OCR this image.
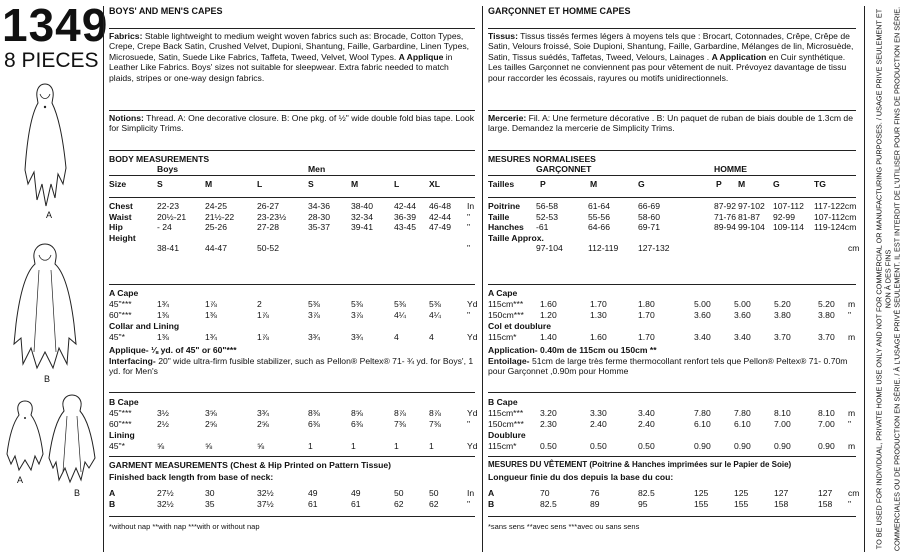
1349
8 PIECES
A
B
A
B
BOYS' AND MEN'S CAPES
Fabrics: Stable lightweight to medium weight woven fabrics such as: Brocade, Cotton Types, Crepe, Crepe Back Satin, Crushed Velvet, Dupioni, Shantung, Faille, Garbardine, Linen Types, Microsuede, Satin, Suede Like Fabrics, Taffeta, Tweed, Velvet, Wool Types. A Applique in Leather Like Fabrics. Boys' sizes not suitable for sleepwear. Extra fabric needed to match plaids, stripes or one-way design fabrics.
Notions: Thread. A: One decorative closure. B: One pkg. of ½" wide double fold bias tape. Look for Simplicity Trims.
BODY MEASUREMENTS
Boys	Men
Size	S	M	L	S	M	L	XL
Chest	22-23	24-25	26-27	34-36 38-40 42-44 46-48 In
Waist	20½-21 21½-22	23-23½	28-30 32-34 36-39 42-44 "
Hip	- 24	25-26	27-28	35-37 39-41 43-45 47-49 "
Height
38-41	44-47	50-52	"
A Cape
45"***	1¾	1⅞	2	5⅜	5⅜	5⅜	5⅜	Yd
60"***	1⅜	1⅜	1⅞	3⅞	3⅞	4¼	4¼	"
Collar and Lining
45"*	1⅜	1¾	1⅞	3¾	3¾	4	4	Yd
Applique- ⅛ yd. of 45" or 60"***
Interfacing- 20" wide ultra-firm fusible stabilizer, such as Pellon® Peltex® 71- ¾ yd. for Boys', 1 yd. for Men's
B Cape
45"***	3½	3⅝	3¾	8⅜	8⅝	8⅞	8⅞	Yd
60"***	2½	2⅝	2⅝	6⅜	6⅜	7⅜	7⅜	"
Lining
45"*	⅝	⅝	⅝	1	1	1	1	Yd
GARMENT MEASUREMENTS (Chest & Hip Printed on Pattern Tissue)
Finished back length from base of neck:
A	27½	30	32½	49	49	50	50	In
B	32½	35	37½	61	61	62	62	"
*without nap **with nap ***with or without nap
GARÇONNET ET HOMME CAPES
Tissus: Tissus tissés fermes légers à moyens tels que : Brocart, Cotonnades, Crêpe, Crêpe de Satin, Velours froissé, Soie Dupioni, Shantung, Faille, Garbardine, Mélanges de lin, Microsuède, Satin, Tissus suédés, Taffetas, Tweed, Velours, Lainages . A Application en Cuir synthétique. Les tailles Garçonnet ne conviennent pas pour vêtement de nuit. Prévoyez davantage de tissu pour raccorder les écossais, rayures ou motifs unidirectionnels.
Mercerie: Fil. A: Une fermeture décorative . B: Un paquet de ruban de biais double de 1.3cm de large. Demandez la mercerie de Simplicity Trims.
MESURES NORMALISEES
GARÇONNET	HOMME
Tailles	P	M	G	P M	G	TG
Poitrine 56-58	61-64	66-69	87-92 97-102 107-112 117-122cm
Taille	52-53	55-56	58-60	71-76 81-87 92-99 107-112cm
Hanches -61	64-66	69-71	89-94 99-104 109-114 119-124cm
Taille Approx.
97-104	112-119 127-132	cm
A Cape
115cm*** 1.60	1.70	1.80	5.00	5.00	5.20	5.20 m
150cm*** 1.20	1.30	1.70	3.60	3.60	3.80	3.80 "
Col et doublure
115cm*	1.40	1.60	1.70	3.40	3.40	3.70	3.70 m
Application- 0.40m de 115cm ou 150cm **
Entoilage- 51cm de large très ferme thermocollant renfort tels que Pellon® Peltex® 71- 0.70m pour Garçonnet ,0.90m pour Homme
B Cape
115cm*** 3.20	3.30	3.40	7.80	7.80	8.10	8.10 m
150cm*** 2.30	2.40	2.40	6.10	6.10	7.00	7.00 "
Doublure
115cm*	0.50	0.50	0.50	0.90	0.90	0.90	0.90 m
MESURES DU VÊTEMENT (Poitrine & Hanches imprimées sur le Papier de Soie)
Longueur finie du dos depuis la base du cou:
A	70	76	82.5	125	125	127	127 cm
B	82.5	89	95	155	155	158	158 "
*sans sens **avec sens ***avec ou sans sens	TO BE USED FOR INDIVIDUAL, PRIVATE HOME USE ONLY AND NOT FOR COMMERCIAL OR MANUFACTURING PURPOSES. / USAGE PRIVE SEULEMENT ET NON À DES FINS COMMERCIALES OU DE PRODUCTION EN SÉRIE. / À L'USAGE PRIVÉ SEULEMENT. IL EST INTERDIT DE L'UTILISER POUR FINS DE PRODUCTION EN SÉRIE.
